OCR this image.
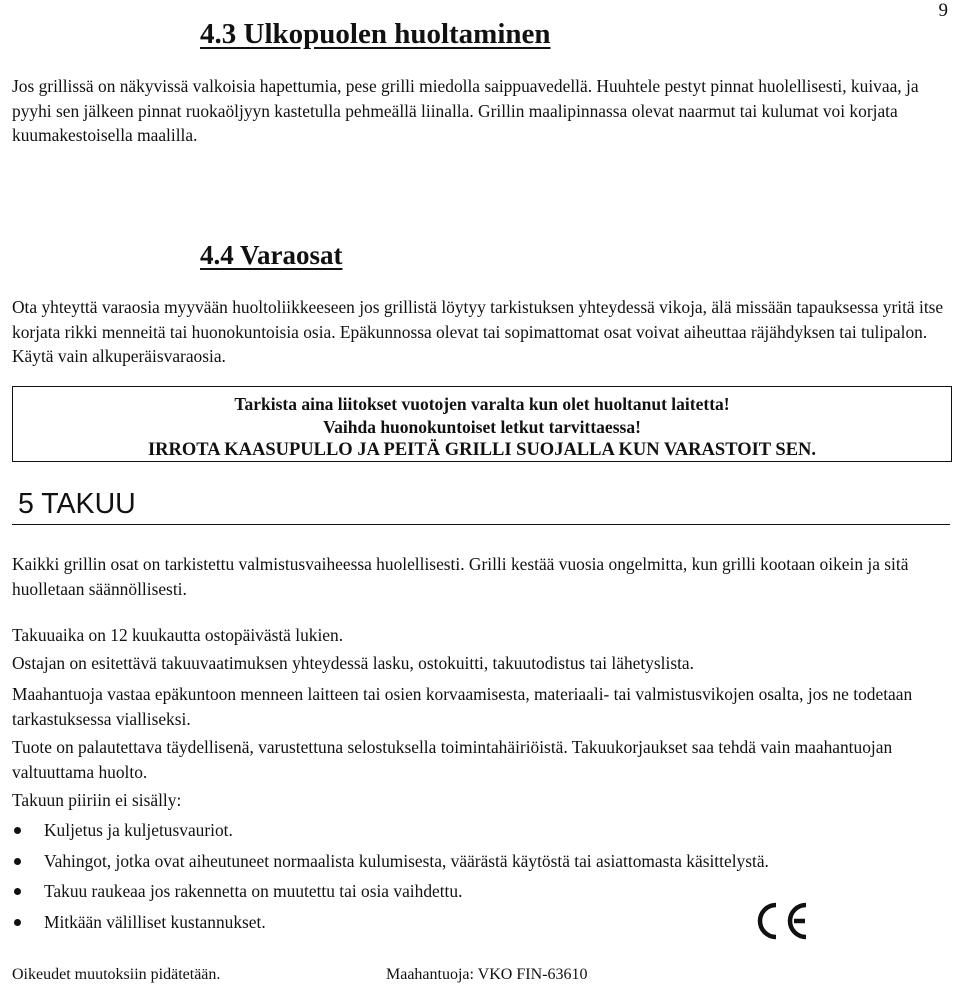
9
4.3 Ulkopuolen huoltaminen
Jos grillissä on näkyvissä valkoisia hapettumia, pese grilli miedolla saippuavedellä. Huuhtele pestyt pinnat huolellisesti, kuivaa, ja pyyhi sen jälkeen pinnat ruokaöljyyn kastetulla pehmeällä liinalla. Grillin maalipinnassa olevat naarmut tai kulumat voi korjata kuumakestoisella maalilla.
4.4 Varaosat
Ota yhteyttä varaosia myyvään huoltoliikkeeseen jos grillistä löytyy tarkistuksen yhteydessä vikoja, älä missään tapauksessa yritä itse korjata rikki menneitä tai huonokuntoisia osia. Epäkunnossa olevat tai sopimattomat osat voivat aiheuttaa räjähdyksen tai tulipalon. Käytä vain alkuperäisvaraosia.
Tarkista aina liitokset vuotojen varalta kun olet huoltanut laitetta!
Vaihda huonokuntoiset letkut tarvittaessa!
IRROTA KAASUPULLO JA PEITÄ GRILLI SUOJALLA KUN VARASTOIT SEN.
5 TAKUU
Kaikki grillin osat on tarkistettu valmistusvaiheessa huolellisesti. Grilli kestää vuosia ongelmitta, kun grilli kootaan oikein ja sitä huolletaan säännöllisesti.
Takuuaika on 12 kuukautta ostopäivästä lukien.
Ostajan on esitettävä takuuvaatimuksen yhteydessä lasku, ostokuitti, takuutodistus tai lähetyslista.
Maahantuoja vastaa epäkuntoon menneen laitteen tai osien korvaamisesta, materiaali- tai valmistusvikojen osalta, jos ne todetaan tarkastuksessa vialliseksi.
Tuote on palautettava täydellisenä, varustettuna selostuksella toimintahäiriöistä. Takuukorjaukset saa tehdä vain maahantuojan valtuuttama huolto.
Takuun piiriin ei sisälly:
Kuljetus ja kuljetusvauriot.
Vahingot, jotka ovat aiheutuneet normaalista kulumisesta, väärästä käytöstä tai asiattomasta käsittelystä.
Takuu raukeaa jos rakennetta on muutettu tai osia vaihdettu.
Mitkään välilliset kustannukset.
Oikeudet muutoksiin pidätetään.	Maahantuoja: VKO FIN-63610
